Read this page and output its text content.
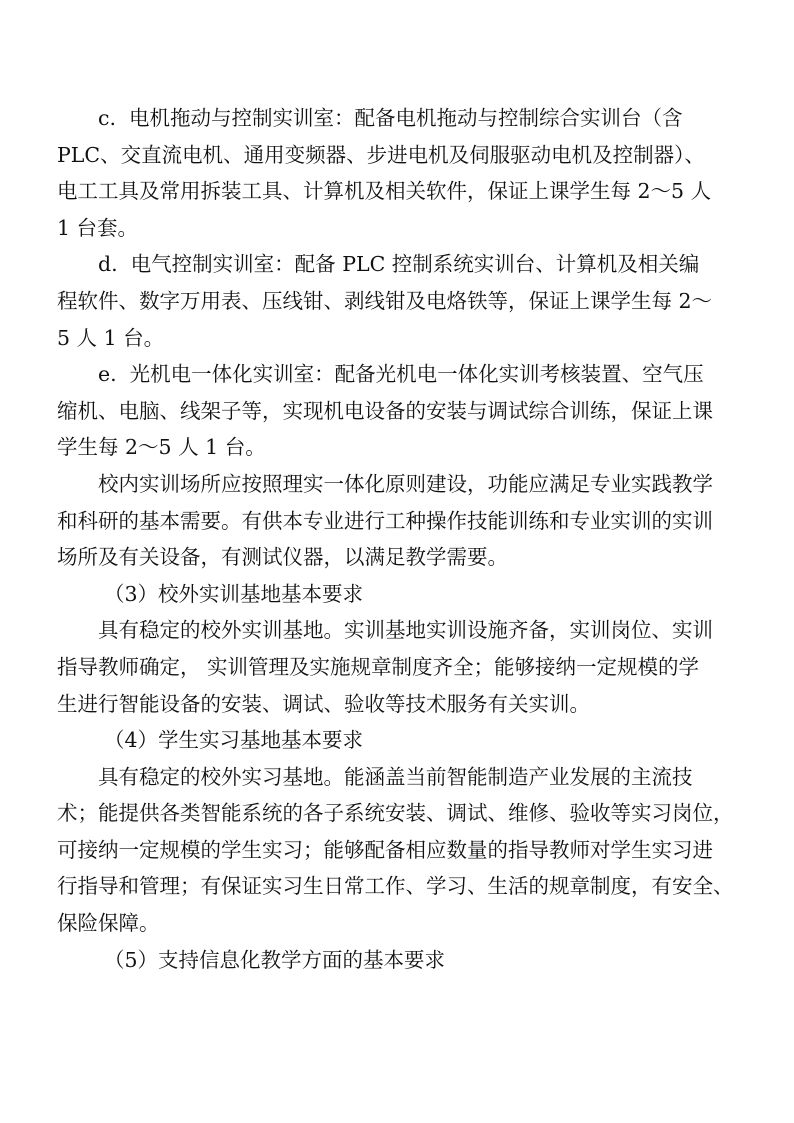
c.  电机拖动与控制实训室：配备电机拖动与控制综合实训台（含
PLC、交直流电机、通用变频器、步进电机及伺服驱动电机及控制器）、
电工工具及常用拆装工具、计算机及相关软件，保证上课学生每 2～5 人
1 台套。
d.  电气控制实训室：配备 PLC 控制系统实训台、计算机及相关编
程软件、数字万用表、压线钳、剥线钳及电烙铁等，保证上课学生每 2～
5 人 1 台。
e.  光机电一体化实训室：配备光机电一体化实训考核装置、空气压
缩机、电脑、线架子等，实现机电设备的安装与调试综合训练，保证上课
学生每 2～5 人 1 台。
校内实训场所应按照理实一体化原则建设，功能应满足专业实践教学
和科研的基本需要。有供本专业进行工种操作技能训练和专业实训的实训
场所及有关设备，有测试仪器，以满足教学需要。
（3）校外实训基地基本要求
具有稳定的校外实训基地。实训基地实训设施齐备，实训岗位、实训
指导教师确定， 实训管理及实施规章制度齐全；能够接纳一定规模的学
生进行智能设备的安装、调试、验收等技术服务有关实训。
（4）学生实习基地基本要求
具有稳定的校外实习基地。能涵盖当前智能制造产业发展的主流技
术；能提供各类智能系统的各子系统安装、调试、维修、验收等实习岗位，
可接纳一定规模的学生实习；能够配备相应数量的指导教师对学生实习进
行指导和管理；有保证实习生日常工作、学习、生活的规章制度，有安全、
保险保障。
（5）支持信息化教学方面的基本要求
